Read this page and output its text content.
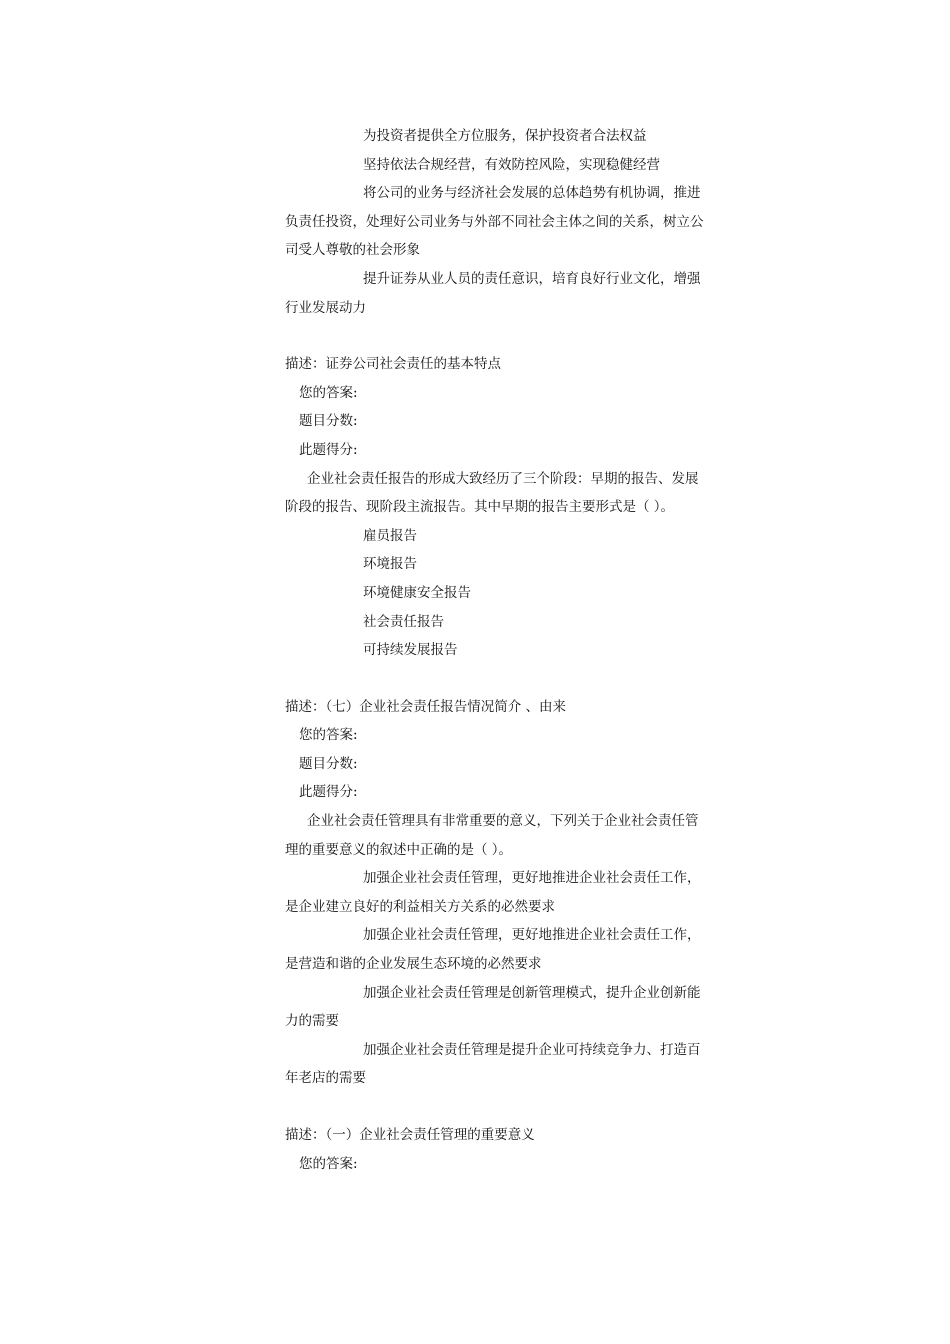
为投资者提供全方位服务，保护投资者合法权益

坚持依法合规经营，有效防控风险，实现稳健经营

将公司的业务与经济社会发展的总体趋势有机协调，推进负责任投资，处理好公司业务与外部不同社会主体之间的关系，树立公司受人尊敬的社会形象

提升证券从业人员的责任意识，培育良好行业文化，增强行业发展动力

描述：证券公司社会责任的基本特点

您的答案:

题目分数:

此题得分:

企业社会责任报告的形成大致经历了三个阶段：早期的报告、发展阶段的报告、现阶段主流报告。其中早期的报告主要形式是（ ）。

雇员报告

环境报告

环境健康安全报告

社会责任报告

可持续发展报告

描述：（七）企业社会责任报告情况简介 、由来

您的答案:

题目分数:

此题得分:

企业社会责任管理具有非常重要的意义，下列关于企业社会责任管理的重要意义的叙述中正确的是（ ）。

加强企业社会责任管理，更好地推进企业社会责任工作，是企业建立良好的利益相关方关系的必然要求

加强企业社会责任管理，更好地推进企业社会责任工作，是营造和谐的企业发展生态环境的必然要求

加强企业社会责任管理是创新管理模式，提升企业创新能力的需要

加强企业社会责任管理是提升企业可持续竞争力、打造百年老店的需要

描述：（一）企业社会责任管理的重要意义

您的答案:
